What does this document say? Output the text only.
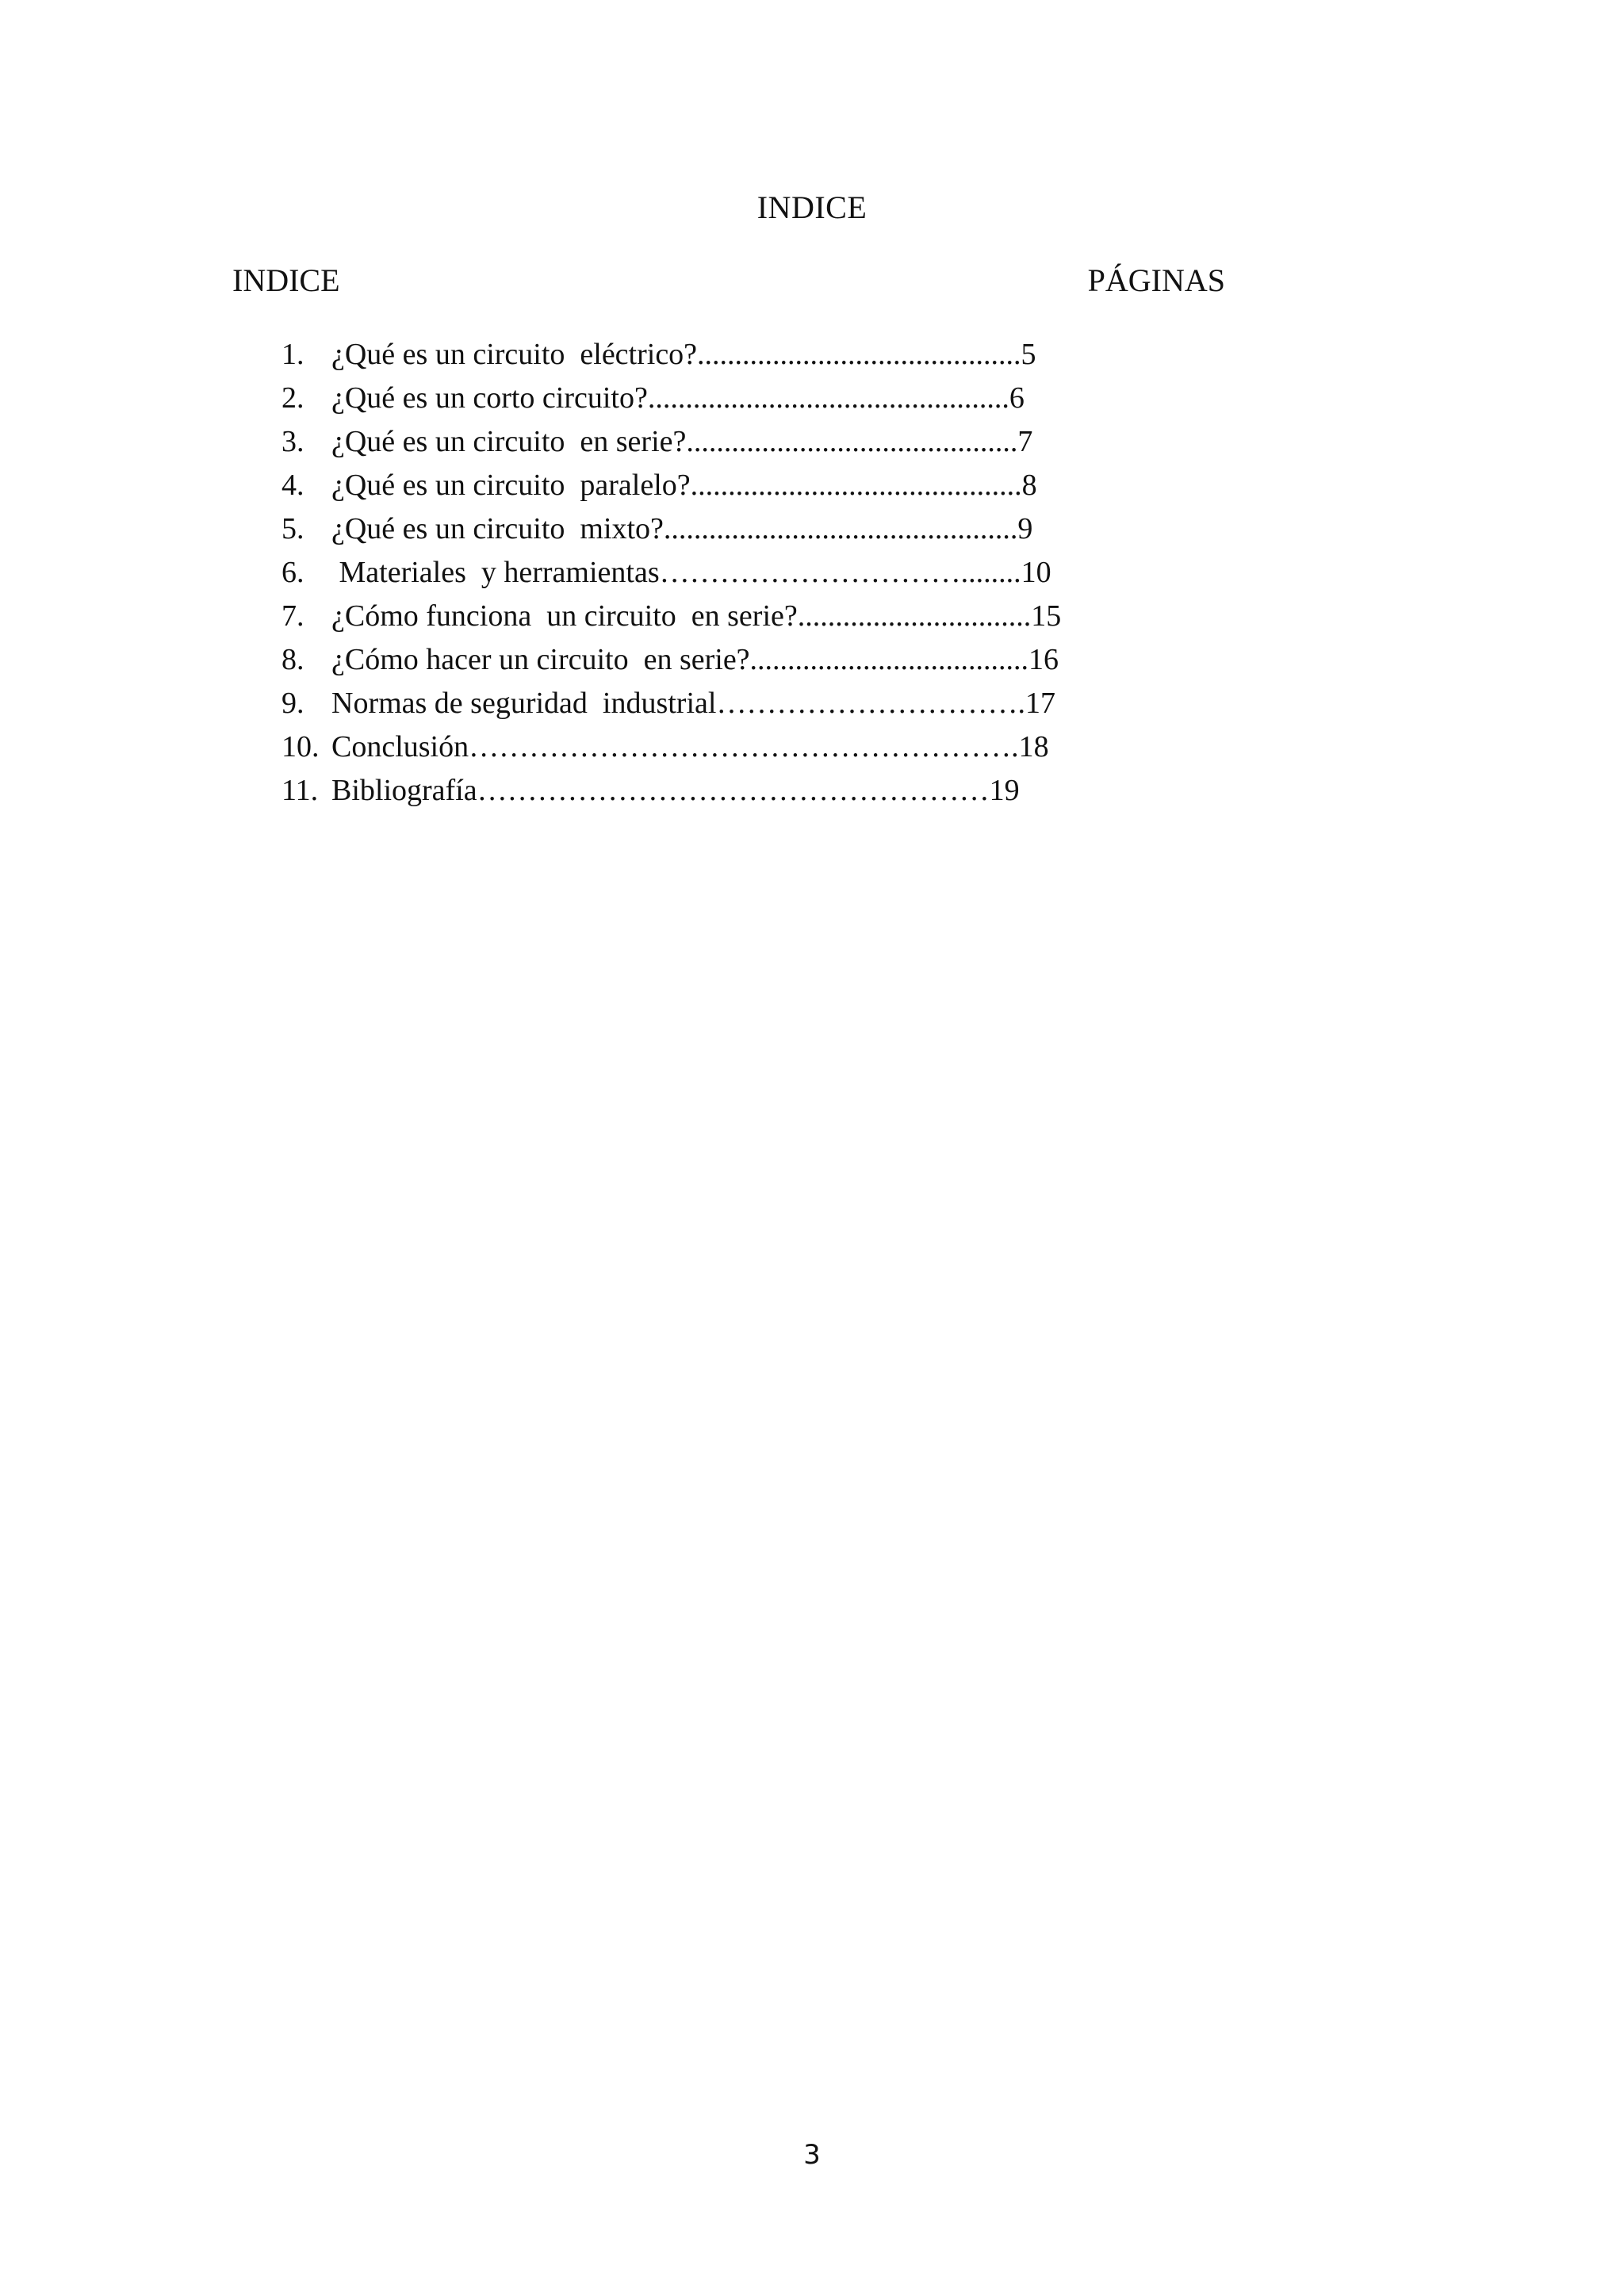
INDICE
INDICE	PÁGINAS
1. ¿Qué es un circuito  eléctrico?...........................................5
2. ¿Qué es un corto circuito?................................................6
3. ¿Qué es un circuito  en serie?............................................7
4. ¿Qué es un circuito  paralelo?............................................8
5. ¿Qué es un circuito  mixto?...............................................9
6. Materiales  y herramientas…………………………........10
7. ¿Cómo funciona  un circuito  en serie?...............................15
8. ¿Cómo hacer un circuito  en serie?.....................................16
9. Normas de seguridad  industrial………………………….17
10. Conclusión……………………………………………….18
11. Bibliografía……………………………………………19
3
